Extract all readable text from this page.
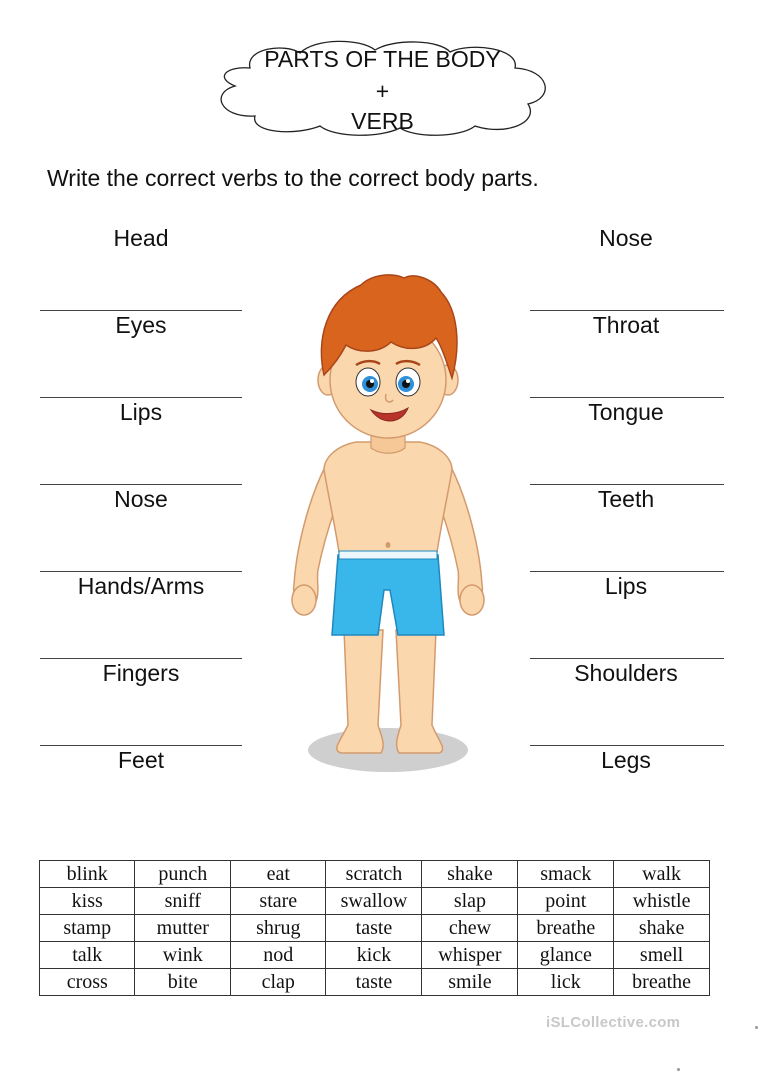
PARTS OF THE BODY
+
VERB
Write the correct verbs to the correct body parts.
Head
Eyes
Lips
Nose
Hands/Arms
Fingers
Feet
Nose
Throat
Tongue
Teeth
Lips
Shoulders
Legs
blink	punch	eat	scratch	shake	smack	walk
kiss	sniff	stare	swallow	slap	point	whistle
stamp	mutter	shrug	taste	chew	breathe	shake
talk	wink	nod	kick	whisper	glance	smell
cross	bite	clap	taste	smile	lick	breathe
iSLCollective.com
